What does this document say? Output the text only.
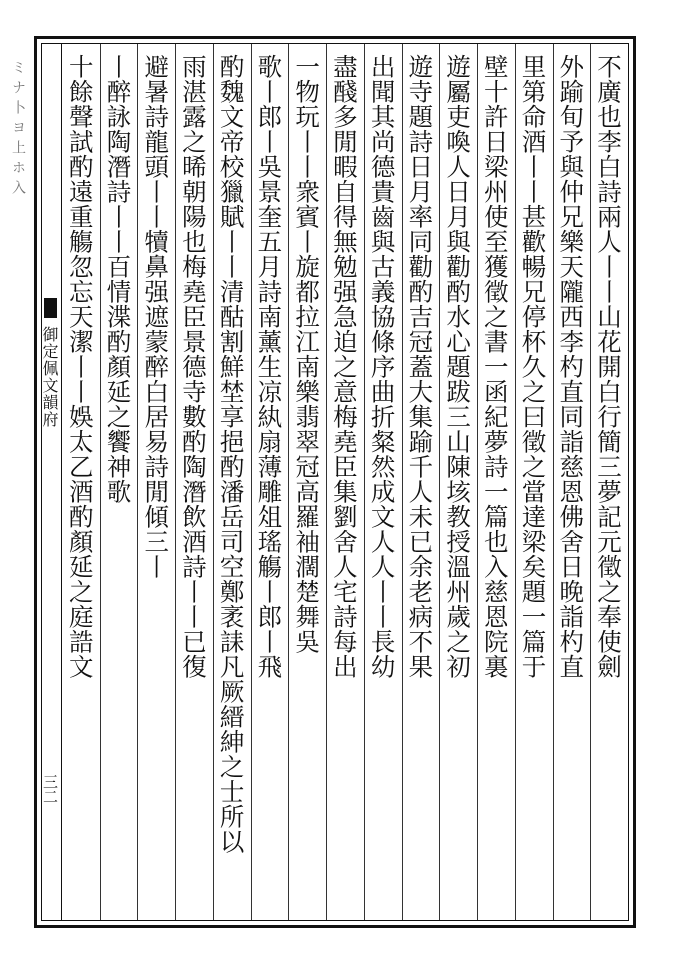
ミナ卜ヨ上ホ入
御定佩文韻府
三二
不廣也李白詩兩人丨丨山花開白行簡三夢記元徵之奉使劍
外踰旬予與仲兄樂天隴西李杓直同詣慈恩佛舍日晚詣杓直
里第命酒丨丨甚歡暢兄停杯久之曰徵之當達梁矣題一篇于
壁十許日梁州使至獲徵之書一函紀夢詩一篇也入慈恩院裏
遊屬吏喚人日月與勸酌水心題跋三山陳垓教授溫州歲之初
遊寺題詩日月率同勸酌吉冠蓋大集踰千人未已余老病不果
出聞其尚德貴齒與古義協條序曲折粲然成文人人丨丨長幼
盡醆多閒暇自得無勉强急迫之意梅堯臣集劉舍人宅詩每出
一物玩丨丨衆賓丨旋都拉江南樂翡翠冠高羅袖濶楚舞吳
歌丨郎丨吳景奎五月詩南薰生凉紈扇薄雕俎瑤觴丨郎丨飛
酌魏文帝校獵賦丨丨清酤割鮮埜享挹酌潘岳司空鄭袤誄凡厥縉紳之士所以
雨湛露之晞朝陽也梅堯臣景德寺數酌陶潛飲酒詩丨丨已復
避暑詩龍頭丨丨犢鼻强遮蒙醉白居易詩閒傾三丨
丨醉詠陶潛詩丨丨百情渫酌顏延之饗神歌
十餘聲試酌遠重觴忽忘天潔丨丨娛太乙酒酌顏延之庭誥文
